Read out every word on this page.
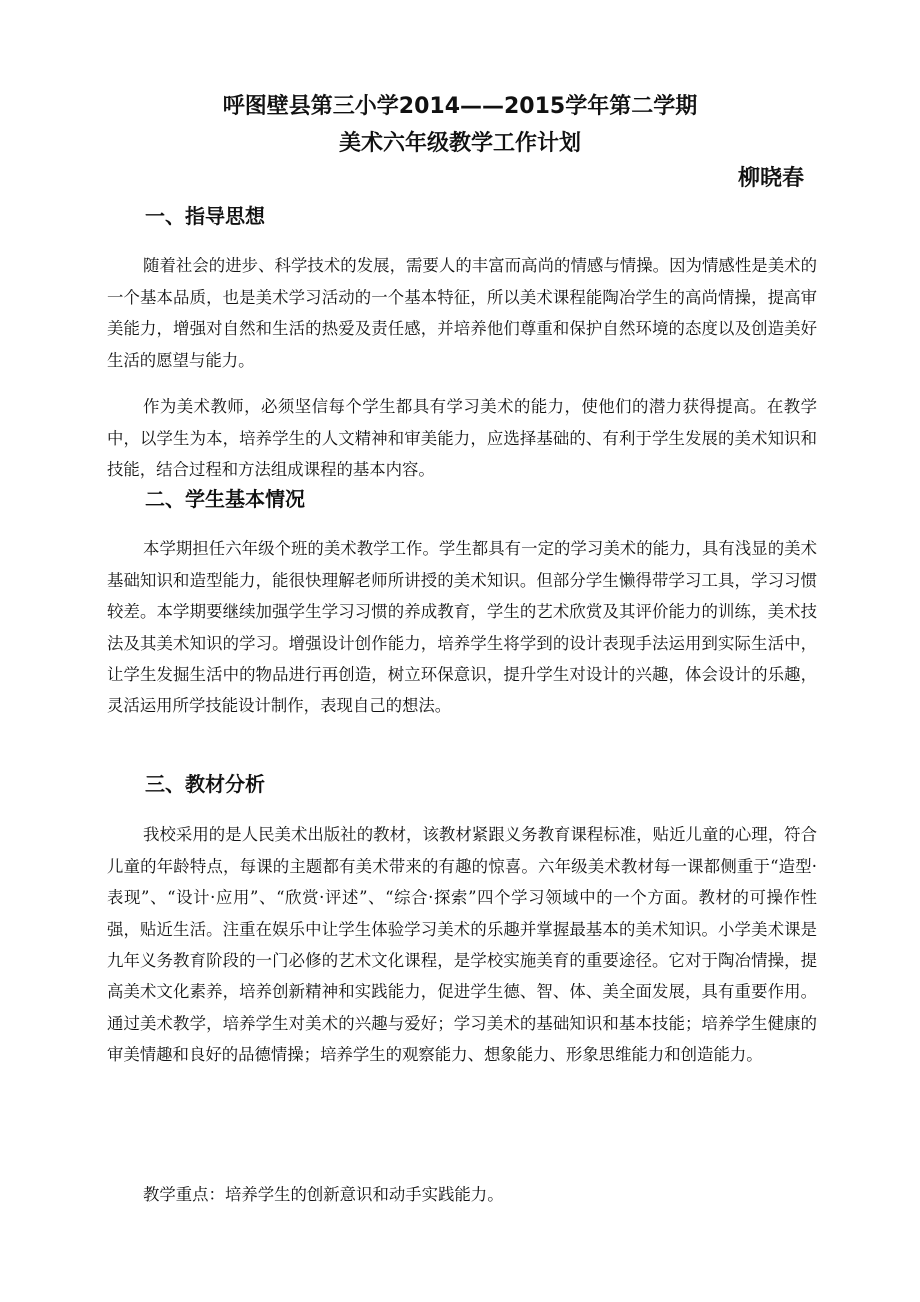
呼图壁县第三小学2014——2015学年第二学期
美术六年级教学工作计划
柳晓春
一、指导思想

随着社会的进步、科学技术的发展，需要人的丰富而高尚的情感与情操。因为情感性是美术的一个基本品质，也是美术学习活动的一个基本特征，所以美术课程能陶冶学生的高尚情操，提高审美能力，增强对自然和生活的热爱及责任感，并培养他们尊重和保护自然环境的态度以及创造美好生活的愿望与能力。

作为美术教师，必须坚信每个学生都具有学习美术的能力，使他们的潜力获得提高。在教学中，以学生为本，培养学生的人文精神和审美能力，应选择基础的、有利于学生发展的美术知识和技能，结合过程和方法组成课程的基本内容。

二、学生基本情况

本学期担任六年级个班的美术教学工作。学生都具有一定的学习美术的能力，具有浅显的美术基础知识和造型能力，能很快理解老师所讲授的美术知识。但部分学生懒得带学习工具，学习习惯较差。本学期要继续加强学生学习习惯的养成教育，学生的艺术欣赏及其评价能力的训练，美术技法及其美术知识的学习。增强设计创作能力，培养学生将学到的设计表现手法运用到实际生活中，让学生发掘生活中的物品进行再创造，树立环保意识，提升学生对设计的兴趣，体会设计的乐趣，灵活运用所学技能设计制作，表现自己的想法。

三、教材分析

我校采用的是人民美术出版社的教材，该教材紧跟义务教育课程标准，贴近儿童的心理，符合儿童的年龄特点，每课的主题都有美术带来的有趣的惊喜。六年级美术教材每一课都侧重于“造型·表现”、“设计·应用”、“欣赏·评述”、“综合·探索”四个学习领域中的一个方面。教材的可操作性强，贴近生活。注重在娱乐中让学生体验学习美术的乐趣并掌握最基本的美术知识。小学美术课是九年义务教育阶段的一门必修的艺术文化课程，是学校实施美育的重要途径。它对于陶冶情操，提高美术文化素养，培养创新精神和实践能力，促进学生德、智、体、美全面发展，具有重要作用。通过美术教学，培养学生对美术的兴趣与爱好；学习美术的基础知识和基本技能；培养学生健康的审美情趣和良好的品德情操；培养学生的观察能力、想象能力、形象思维能力和创造能力。

教学重点：培养学生的创新意识和动手实践能力。
